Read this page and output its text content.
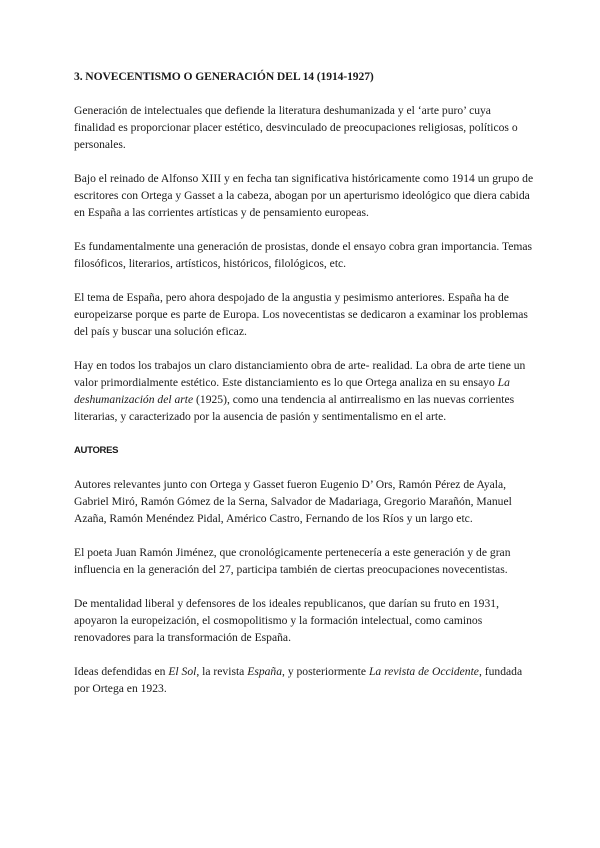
3. NOVECENTISMO O GENERACIÓN DEL 14 (1914-1927)

Generación de intelectuales que defiende la literatura deshumanizada y el ‘arte puro’ cuya finalidad es proporcionar placer estético, desvinculado de preocupaciones religiosas, políticos o personales.

Bajo el reinado de Alfonso XIII y en fecha tan significativa históricamente como 1914 un grupo de escritores con Ortega y Gasset a la cabeza, abogan por un aperturismo ideológico que diera cabida en España a las corrientes artísticas y de pensamiento europeas.

Es fundamentalmente una generación de prosistas, donde el ensayo cobra gran importancia. Temas filosóficos, literarios, artísticos, históricos, filológicos, etc.

El tema de España, pero ahora despojado de la angustia y pesimismo anteriores. España ha de europeizarse porque es parte de Europa. Los novecentistas se dedicaron a examinar los problemas del país y buscar una solución eficaz.

Hay en todos los trabajos un claro distanciamiento obra de arte- realidad. La obra de arte tiene un valor primordialmente estético. Este distanciamiento es lo que Ortega analiza en su ensayo La deshumanización del arte (1925), como una tendencia al antirrealismo en las nuevas corrientes literarias, y caracterizado por la ausencia de pasión y sentimentalismo en el arte.

AUTORES

Autores relevantes junto con Ortega y Gasset fueron Eugenio D’ Ors, Ramón Pérez de Ayala, Gabriel Miró, Ramón Gómez de la Serna, Salvador de Madariaga, Gregorio Marañón, Manuel Azaña, Ramón Menéndez Pidal, Américo Castro, Fernando de los Ríos y un largo etc.

El poeta Juan Ramón Jiménez, que cronológicamente pertenecería a este generación y de gran influencia en la generación del 27, participa también de ciertas preocupaciones novecentistas.

De mentalidad liberal y defensores de los ideales republicanos, que darían su fruto en 1931, apoyaron la europeización, el cosmopolitismo y la formación intelectual, como caminos renovadores para la transformación de España.

Ideas defendidas en El Sol, la revista España, y posteriormente La revista de Occidente, fundada por Ortega en 1923.
